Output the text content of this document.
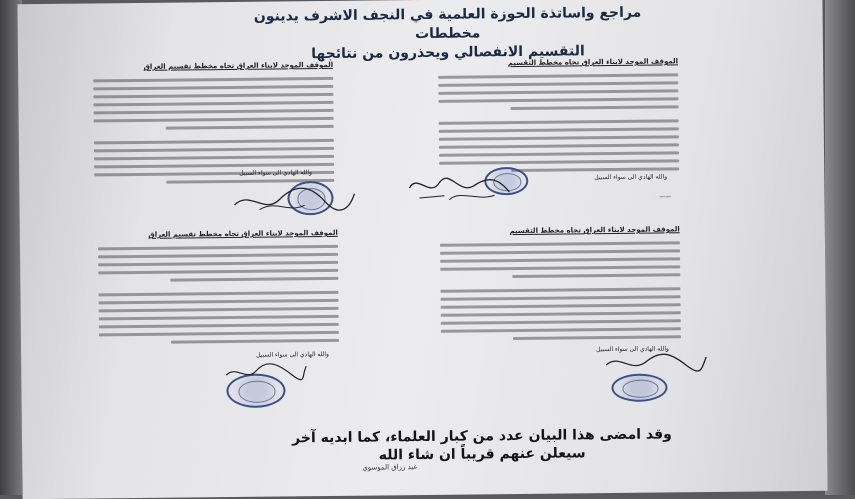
مراجع واساتذة الحوزة العلمية في النجف الاشرف يدينون مخططات
التقسيم الانفصالي ويحذرون من نتائجها
الموقف الموحد لابناء العراق تجاه مخطط تقسيم العراق
والله الهادي الى سواء السبيل
الموقف الموحد لابناء العراق تجاه مخطط التقسيم
والله الهادي الى سواء السبيل
——
الموقف الموحد لابناء العراق تجاه مخطط تقسيم العراق
والله الهادي الى سواء السبيل
الموقف الموحد لابناء العراق تجاه مخطط التقسيم
والله الهادي الى سواء السبيل
وقد امضى هذا البيان عدد من كبار العلماء، كما ابديه آخر
سيعلن عنهم قريباً ان شاء الله
عبد رزاق الموسوي
